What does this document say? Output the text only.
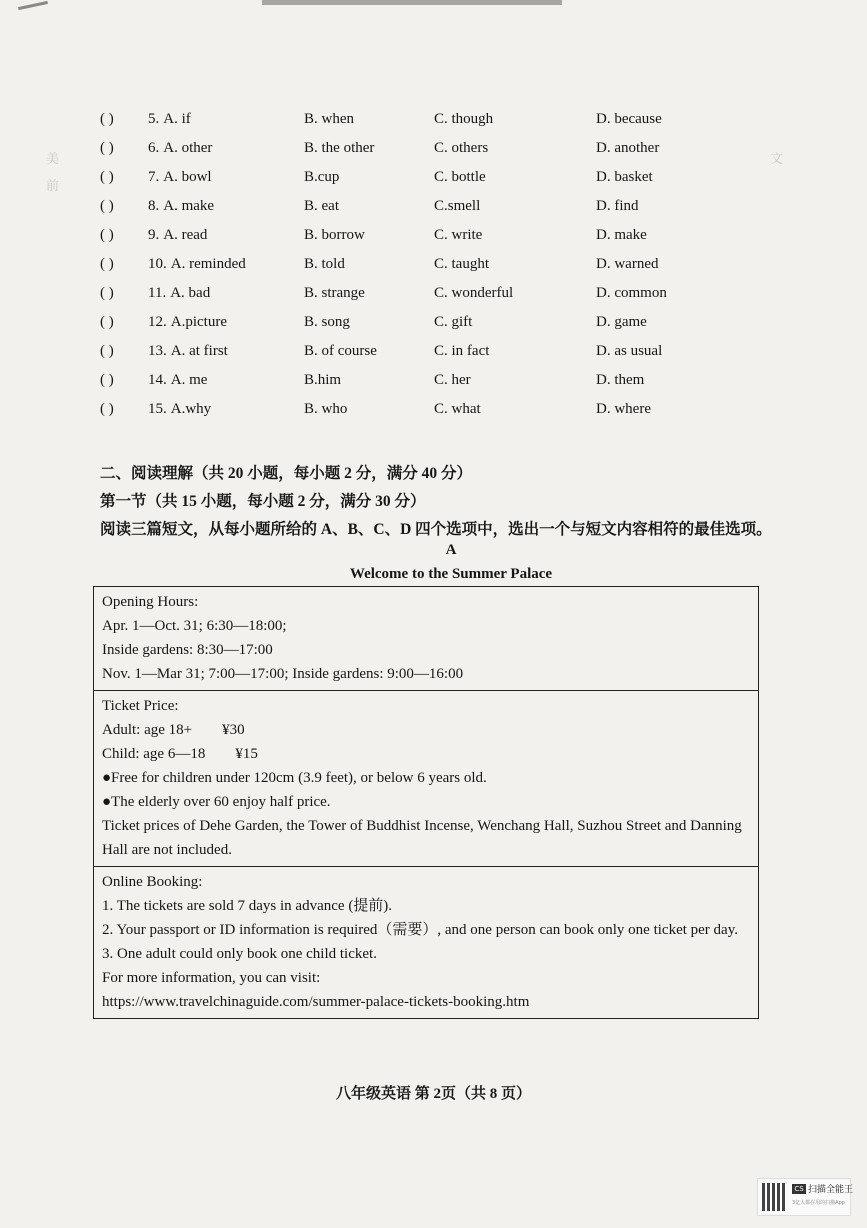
美	文
前
( ) 5. A. if	B. when	C. though	D. because
( ) 6. A. other	B. the other	C. others	D. another
( ) 7. A. bowl	B.cup	C. bottle	D. basket
( ) 8. A. make	B. eat	C.smell	D. find
( ) 9. A. read	B. borrow	C. write	D. make
( ) 10. A. reminded	B. told	C. taught	D. warned
( ) 11. A. bad	B. strange	C. wonderful	D. common
( ) 12. A.picture	B. song	C. gift	D. game
( ) 13. A. at first	B. of course	C. in fact	D. as usual
( ) 14. A. me	B.him	C. her	D. them
( ) 15. A.why	B. who	C. what	D. where
二、阅读理解（共 20 小题，每小题 2 分，满分 40 分）
第一节（共 15 小题，每小题 2 分，满分 30 分）
阅读三篇短文，从每小题所给的 A、B、C、D 四个选项中，选出一个与短文内容相符的最佳选项。
A
Welcome to the Summer Palace
Opening Hours:
Apr. 1—Oct. 31; 6:30—18:00;
Inside gardens: 8:30—17:00
Nov. 1—Mar 31; 7:00—17:00; Inside gardens: 9:00—16:00
Ticket Price:
Adult: age 18+ ¥30
Child: age 6—18 ¥15
●Free for children under 120cm (3.9 feet), or below 6 years old.
●The elderly over 60 enjoy half price.
Ticket prices of Dehe Garden, the Tower of Buddhist Incense, Wenchang Hall, Suzhou Street and Danning Hall are not included.
Online Booking:
1. The tickets are sold 7 days in advance (提前).
2. Your passport or ID information is required（需要）, and one person can book only one ticket per day.
3. One adult could only book one child ticket.
For more information, you can visit:
https://www.travelchinaguide.com/summer-palace-tickets-booking.htm
八年级英语 第 2页（共 8 页）
CS 扫描全能王
3亿人都在用的扫描App
